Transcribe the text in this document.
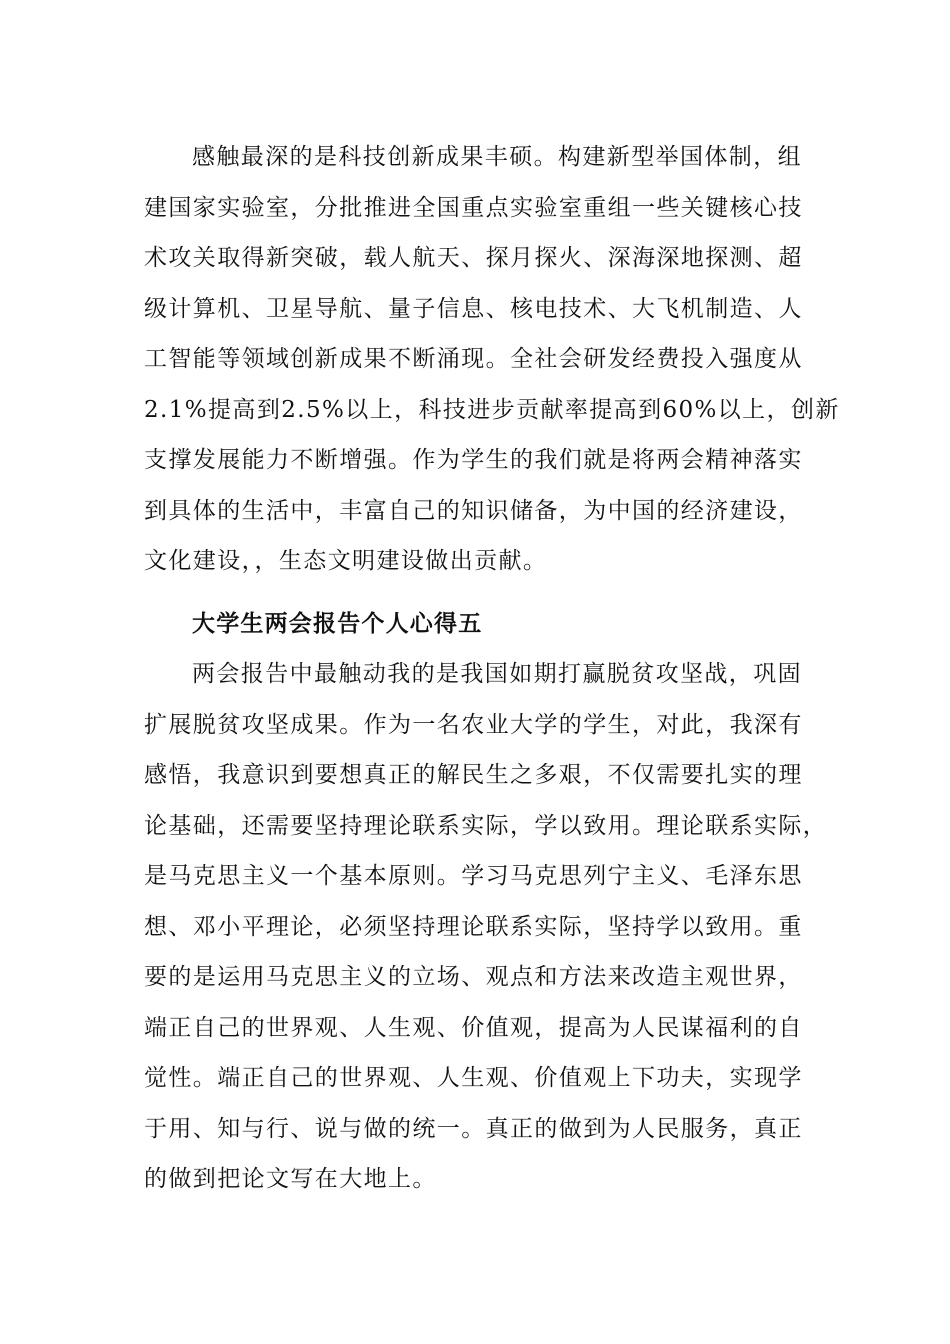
感触最深的是科技创新成果丰硕。构建新型举国体制，组
建国家实验室，分批推进全国重点实验室重组一些关键核心技
术攻关取得新突破，载人航天、探月探火、深海深地探测、超
级计算机、卫星导航、量子信息、核电技术、大飞机制造、人
工智能等领域创新成果不断涌现。全社会研发经费投入强度从
2.1%提高到2.5%以上，科技进步贡献率提高到60%以上，创新
支撑发展能力不断增强。作为学生的我们就是将两会精神落实
到具体的生活中，丰富自己的知识储备，为中国的经济建设，
文化建设，，生态文明建设做出贡献。
大学生两会报告个人心得五
两会报告中最触动我的是我国如期打赢脱贫攻坚战，巩固
扩展脱贫攻坚成果。作为一名农业大学的学生，对此，我深有
感悟，我意识到要想真正的解民生之多艰，不仅需要扎实的理
论基础，还需要坚持理论联系实际，学以致用。理论联系实际，
是马克思主义一个基本原则。学习马克思列宁主义、毛泽东思
想、邓小平理论，必须坚持理论联系实际，坚持学以致用。重
要的是运用马克思主义的立场、观点和方法来改造主观世界，
端正自己的世界观、人生观、价值观，提高为人民谋福利的自
觉性。端正自己的世界观、人生观、价值观上下功夫，实现学
于用、知与行、说与做的统一。真正的做到为人民服务，真正
的做到把论文写在大地上。
